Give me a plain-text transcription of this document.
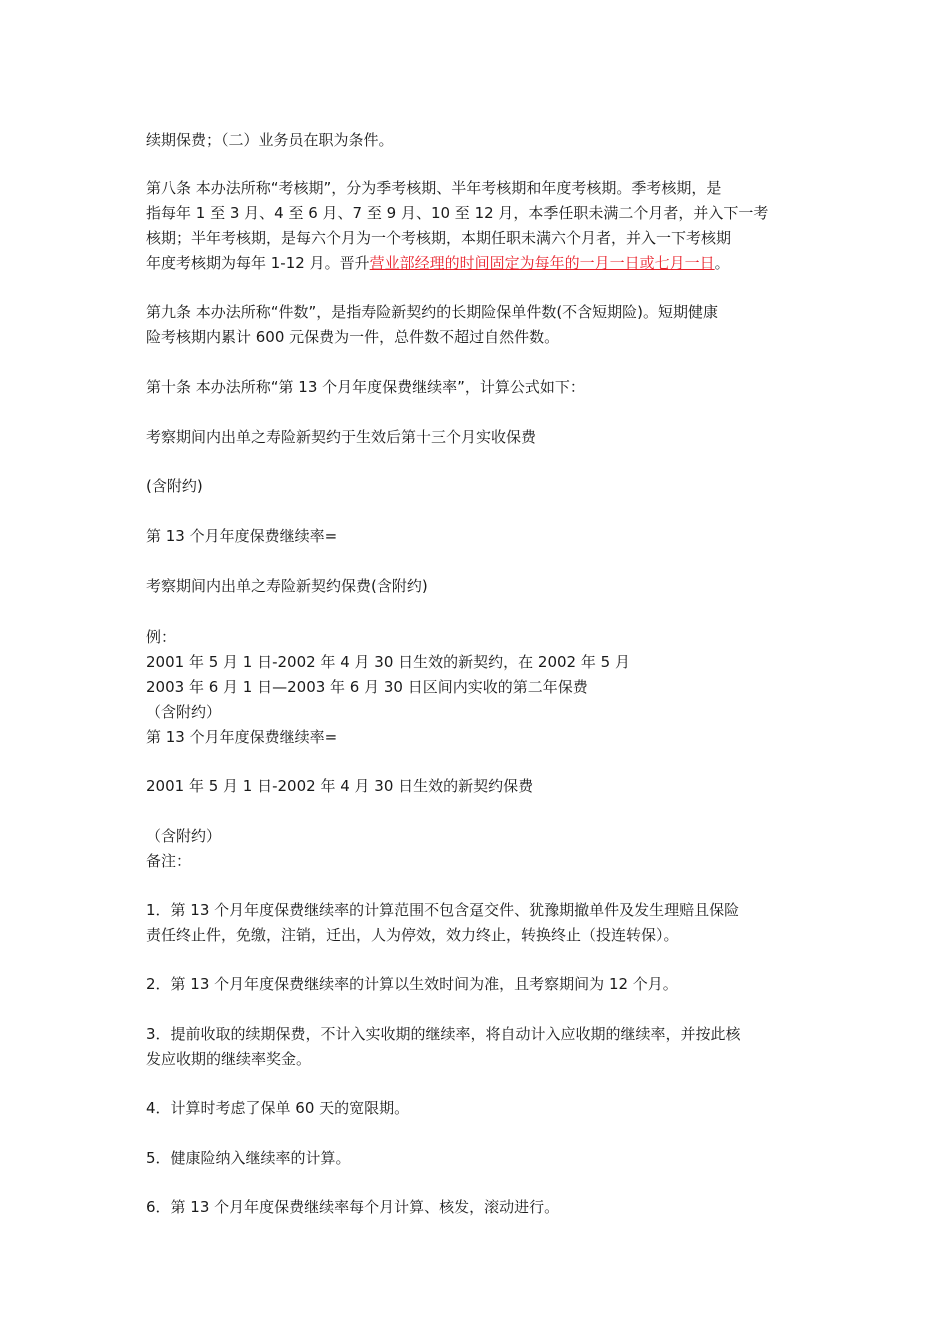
续期保费；（二）业务员在职为条件。

第八条 本办法所称“考核期”，分为季考核期、半年考核期和年度考核期。季考核期，是

指每年 1 至 3 月、4 至 6 月、7 至 9 月、10 至 12 月，本季任职未满二个月者，并入下一考

核期；半年考核期，是每六个月为一个考核期，本期任职未满六个月者，并入一下考核期

年度考核期为每年 1-12 月。晋升营业部经理的时间固定为每年的一月一日或七月一日。

第九条 本办法所称“件数”，是指寿险新契约的长期险保单件数(不含短期险)。短期健康

险考核期内累计 600 元保费为一件，总件数不超过自然件数。

第十条 本办法所称“第 13 个月年度保费继续率”，计算公式如下：

考察期间内出单之寿险新契约于生效后第十三个月实收保费

(含附约)

第 13 个月年度保费继续率=

考察期间内出单之寿险新契约保费(含附约)

例：

2001 年 5 月 1 日-2002 年 4 月 30 日生效的新契约，在 2002 年 5 月

2003 年 6 月 1 日—2003 年 6 月 30 日区间内实收的第二年保费

（含附约）

第 13 个月年度保费继续率=

2001 年 5 月 1 日-2002 年 4 月 30 日生效的新契约保费

（含附约）

备注：

1．第 13 个月年度保费继续率的计算范围不包含趸交件、犹豫期撤单件及发生理赔且保险

责任终止件，免缴，注销，迁出，人为停效，效力终止，转换终止（投连转保）。

2．第 13 个月年度保费继续率的计算以生效时间为准，且考察期间为 12 个月。

3．提前收取的续期保费，不计入实收期的继续率，将自动计入应收期的继续率，并按此核

发应收期的继续率奖金。

4．计算时考虑了保单 60 天的宽限期。

5．健康险纳入继续率的计算。

6．第 13 个月年度保费继续率每个月计算、核发，滚动进行。
